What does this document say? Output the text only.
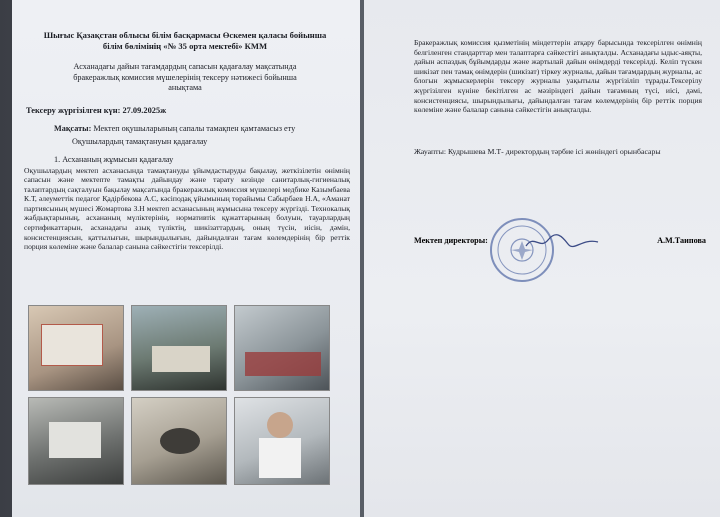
Шығыс Қазақстан облысы білім басқармасы Өскемен қаласы бойынша

білім бөлімінің «№ 35 орта мектебі» КММ

Асханадағы дайын тағамдардың сапасын қадағалау мақсатында

бракеражлық комиссия мүшелерінің тексеру нәтижесі бойынша

анықтама

Тексеру жүргізілген күн: 27.09.2025ж

Мақсаты: Мектеп оқушыларының сапалы тамақпен қамтамасыз ету

Оқушылардың тамақтануын қадағалау

1. Асхананың жұмысын қадағалау

Оқушылардың мектеп асханасында тамақтануды ұйымдастыруды бақылау, жеткізілетін өнімнің сапасын және мектепте тамақты дайындау және тарату кезінде санитарлық-гигиеналық талаптардың сақталуын бақылау мақсатында бракеражлық комиссия мүшелері медбике Казымбаева К.Т, әлеуметтік педагог Қадірбекова А.С, кәсіподақ ұйымының төрайымы Сабырбаев Н.А, «Аманат партиясының мүшесі Жомартова З.Н мектеп асханасының жұмысына тексеру жүргізді. Технокалық жабдықтарының, асхананың мүліктерінің, нормативтік құжаттарының болуын, тауарлардың сертификаттарын, асханадағы азық түліктің, шикізаттардың, оның түсін, иісін, дәмін, консистенциясын, қаттылығын, шырындылығын, дайындалған тағам көлемдерінің бір реттік порция көлеміне және балалар санына сәйкестігін тексерілді.

Бракеражлық комиссия қызметінің міндеттерін атқару барысында тексерілген өнімнің белгіленген стандарттар мен талаптарға сәйкестігі анықталды. Асханадағы ыдыс-аяқты, дайын аспаздық бұйымдарды және жартылай дайын өнімдерді тексерілді. Келіп түскен шикізат пен тамақ өнімдерін (шикізат) тіркеу журналы, дайын тағамдардың журналы, ас блогын жұмыскерлерін тексеру журналы уақытылы жүргізіліп тұрады.Тексерілу жүргізілген күніне бекітілген ас мәзіріндегі дайын тағамның түсі, иісі, дәмі, консистенциясы, шырындылығы, дайындалған тағам көлемдерінің бір реттік порция көлеміне және балалар санына сәйкестігін анықталды.

Жауапты: Кудрышева М.Т- директордың тәрбие ісі жөніндегі орынбасары

Мектеп директоры:	А.М.Таипова
